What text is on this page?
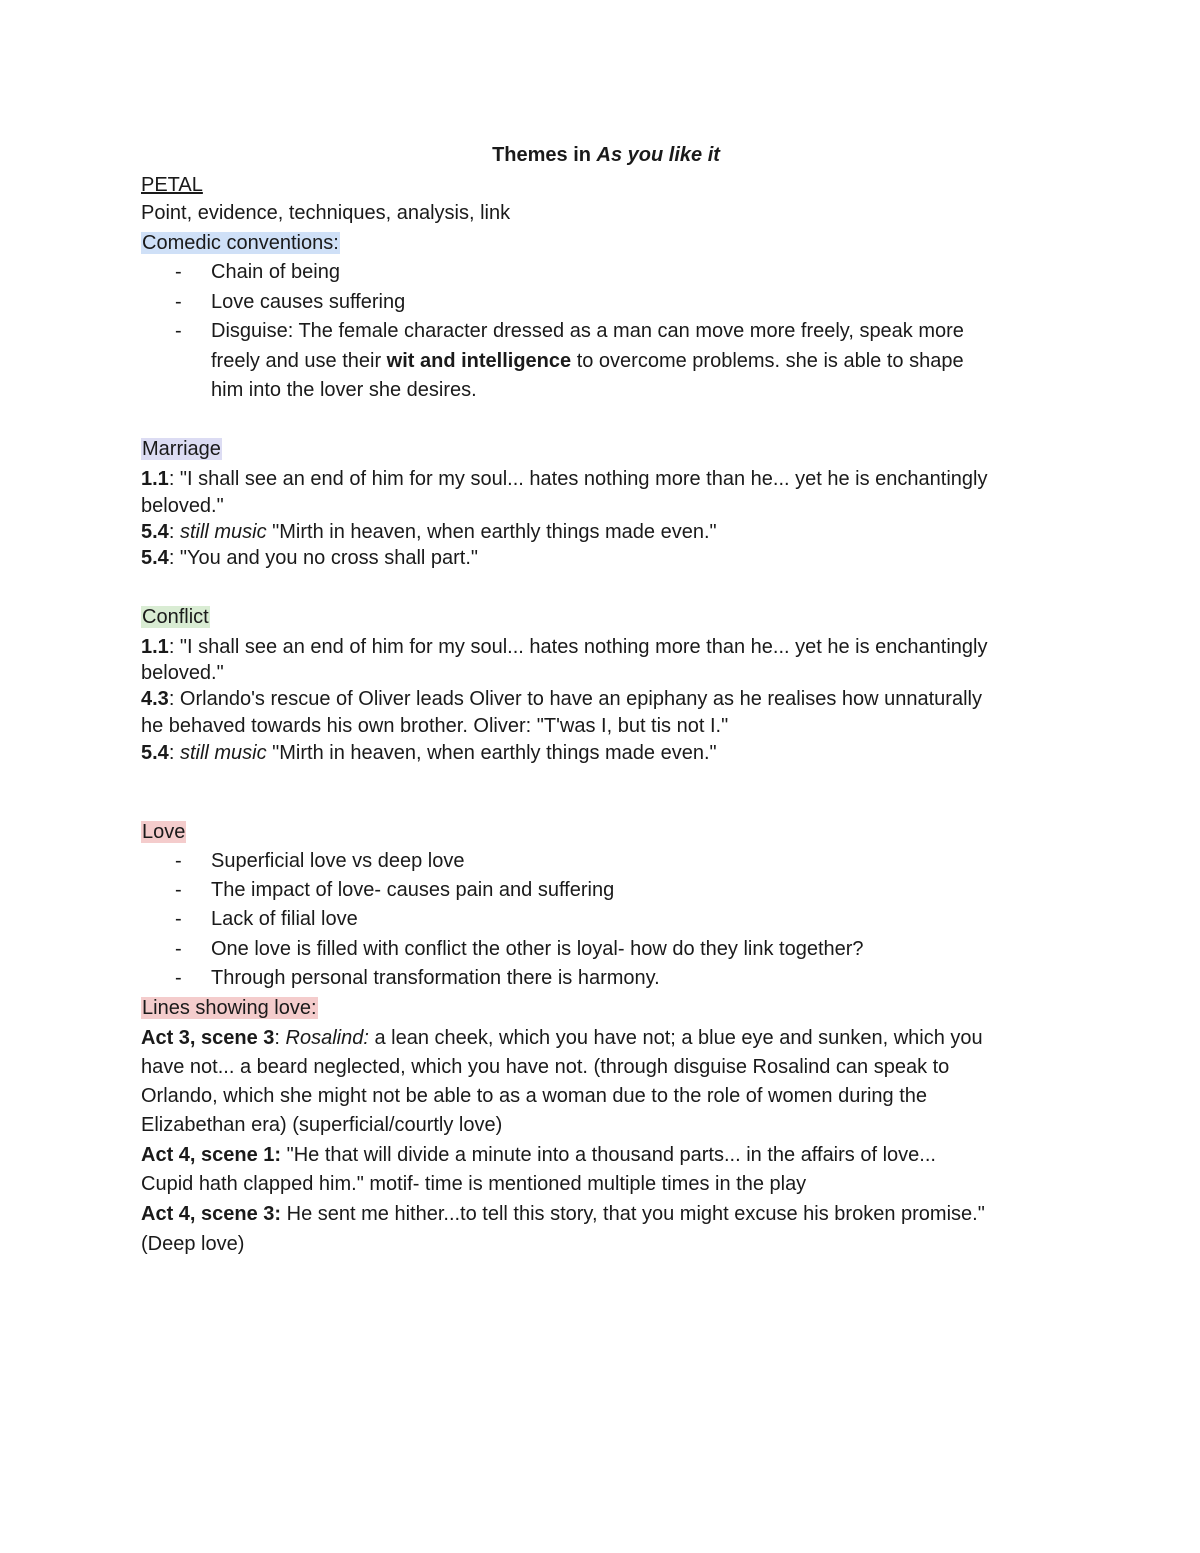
Themes in As you like it
PETAL
Point, evidence, techniques, analysis, link
Comedic conventions:
- Chain of being
- Love causes suffering
- Disguise: The female character dressed as a man can move more freely, speak more
freely and use their wit and intelligence to overcome problems. she is able to shape
him into the lover she desires.
Marriage
1.1: "I shall see an end of him for my soul... hates nothing more than he... yet he is enchantingly
beloved."
5.4: still music "Mirth in heaven, when earthly things made even."
5.4: "You and you no cross shall part."
Conflict
1.1: "I shall see an end of him for my soul... hates nothing more than he... yet he is enchantingly
beloved."
4.3: Orlando's rescue of Oliver leads Oliver to have an epiphany as he realises how unnaturally
he behaved towards his own brother. Oliver: "T'was I, but tis not I."
5.4: still music "Mirth in heaven, when earthly things made even."
Love
- Superficial love vs deep love
- The impact of love- causes pain and suffering
- Lack of filial love
- One love is filled with conflict the other is loyal- how do they link together?
- Through personal transformation there is harmony.
Lines showing love:
Act 3, scene 3: Rosalind: a lean cheek, which you have not; a blue eye and sunken, which you
have not... a beard neglected, which you have not. (through disguise Rosalind can speak to
Orlando, which she might not be able to as a woman due to the role of women during the
Elizabethan era) (superficial/courtly love)
Act 4, scene 1: "He that will divide a minute into a thousand parts... in the affairs of love...
Cupid hath clapped him." motif- time is mentioned multiple times in the play
Act 4, scene 3: He sent me hither...to tell this story, that you might excuse his broken promise."
(Deep love)
